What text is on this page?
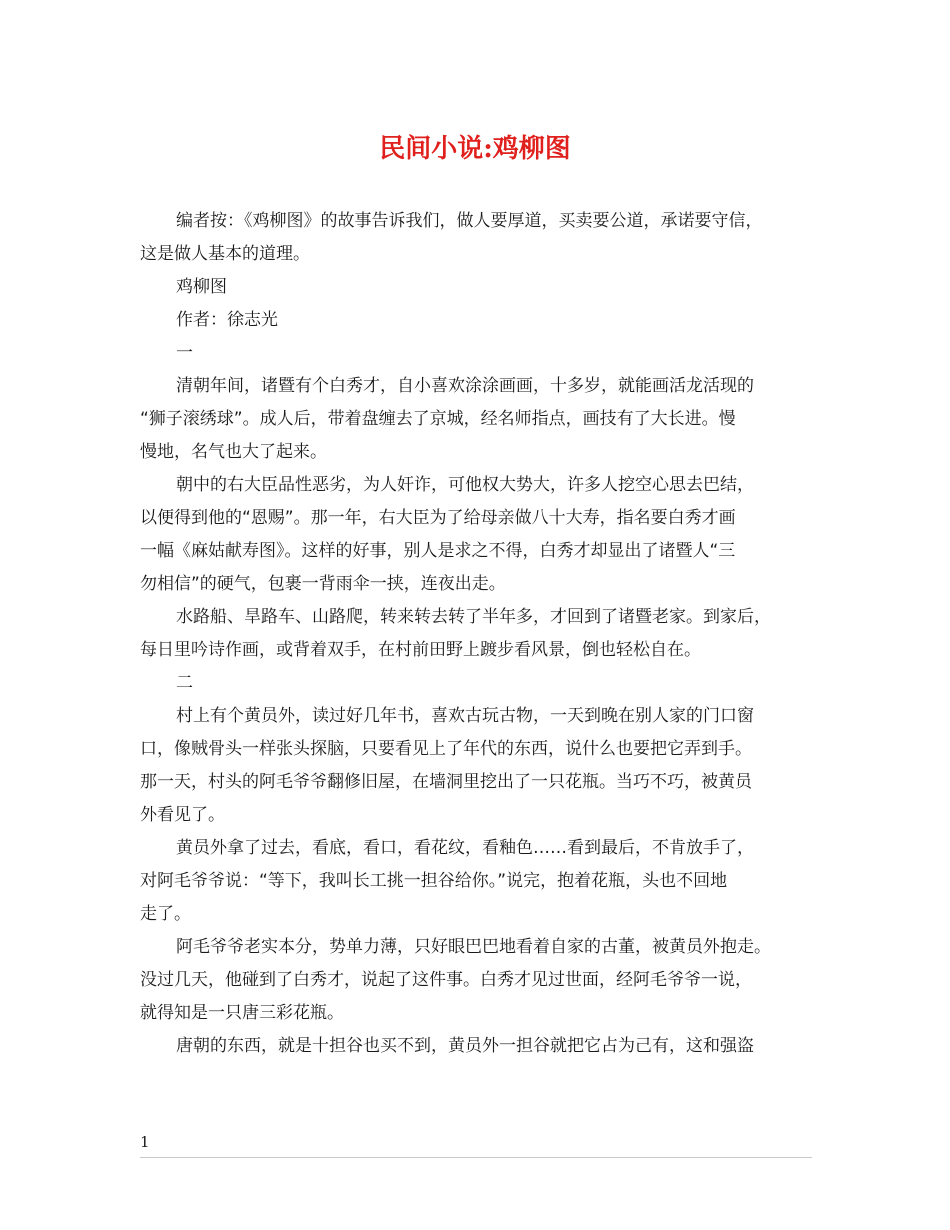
民间小说:鸡柳图
编者按：《鸡柳图》的故事告诉我们，做人要厚道，买卖要公道，承诺要守信，
这是做人基本的道理。
鸡柳图
作者：徐志光
一
清朝年间，诸暨有个白秀才，自小喜欢涂涂画画，十多岁，就能画活龙活现的
“狮子滚绣球”。成人后，带着盘缠去了京城，经名师指点，画技有了大长进。慢
慢地，名气也大了起来。
朝中的右大臣品性恶劣，为人奸诈，可他权大势大，许多人挖空心思去巴结，
以便得到他的“恩赐”。那一年，右大臣为了给母亲做八十大寿，指名要白秀才画
一幅《麻姑献寿图》。这样的好事，别人是求之不得，白秀才却显出了诸暨人“三
勿相信”的硬气，包裹一背雨伞一挟，连夜出走。
水路船、旱路车、山路爬，转来转去转了半年多，才回到了诸暨老家。到家后，
每日里吟诗作画，或背着双手，在村前田野上踱步看风景，倒也轻松自在。
二
村上有个黄员外，读过好几年书，喜欢古玩古物，一天到晚在别人家的门口窗
口，像贼骨头一样张头探脑，只要看见上了年代的东西，说什么也要把它弄到手。
那一天，村头的阿毛爷爷翻修旧屋，在墙洞里挖出了一只花瓶。当巧不巧，被黄员
外看见了。
黄员外拿了过去，看底，看口，看花纹，看釉色……看到最后，不肯放手了，
对阿毛爷爷说：“等下，我叫长工挑一担谷给你。”说完，抱着花瓶，头也不回地
走了。
阿毛爷爷老实本分，势单力薄，只好眼巴巴地看着自家的古董，被黄员外抱走。
没过几天，他碰到了白秀才，说起了这件事。白秀才见过世面，经阿毛爷爷一说，
就得知是一只唐三彩花瓶。
唐朝的东西，就是十担谷也买不到，黄员外一担谷就把它占为己有，这和强盗
1
